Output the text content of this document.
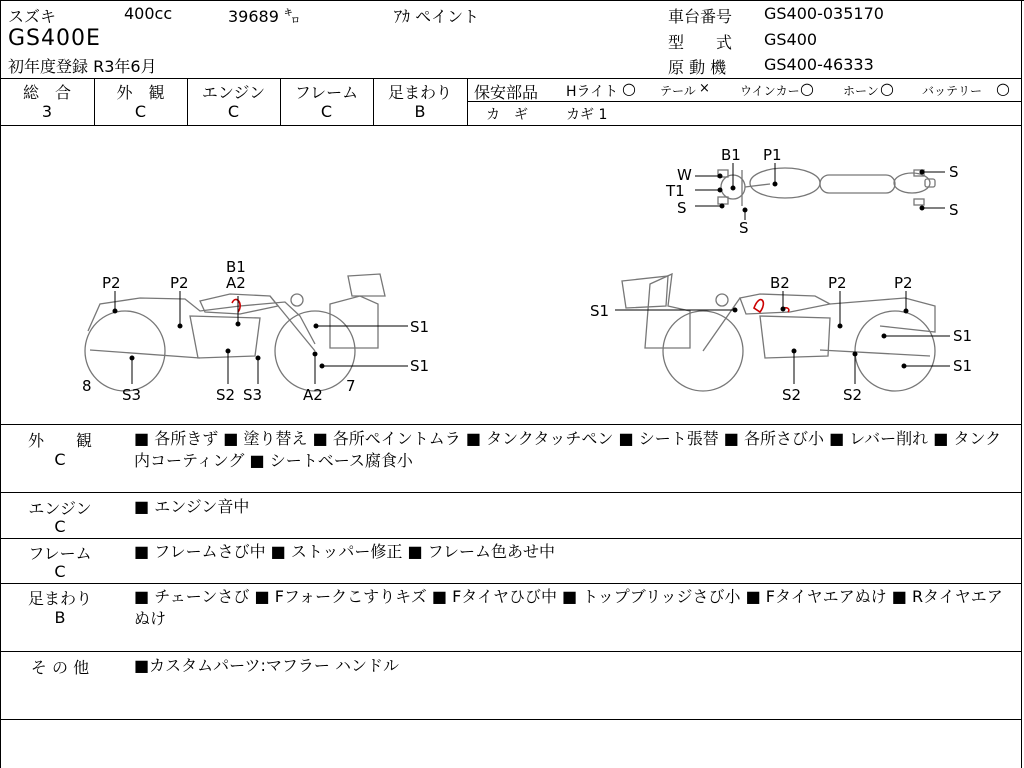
スズキ	400cc	39689 ㌔	ｱｶ ペイント
GS400E
初年度登録 R3年6月
車台番号 GS400-035170
型　　式 GS400
原 動 機 GS400-46333
総　合
3
外　観
C
エンジン
C
フレーム
C
足まわり
B
保安部品 Hライト ○ テール ×	ウインカー ○ ホーン ○ バッテリー ○
カ　ギ	カギ 1
B1 P1
W
T1
S
S
S
S
B1
A2
P2	P2
S1
S1
8 S3	S2 S3	A2 7
B2	P2	P2
S1
S1
S1
S2	S2
外　　観
C
■ 各所きず ■ 塗り替え ■ 各所ペイントムラ ■ タンクタッチペン ■ シート張替 ■ 各所さび小 ■ レバー削れ ■ タンク内コーティング ■ シートベース腐食小
エンジン
C
■ エンジン音中
フレーム
C
■ フレームさび中 ■ ストッパー修正 ■ フレーム色あせ中
足まわり
B
■ チェーンさび ■ Fフォークこすりキズ ■ Fタイヤひび中 ■ トップブリッジさび小 ■ Fタイヤエアぬけ ■ Rタイヤエアぬけ
そ の 他	■カスタムパーツ:マフラー ハンドル
